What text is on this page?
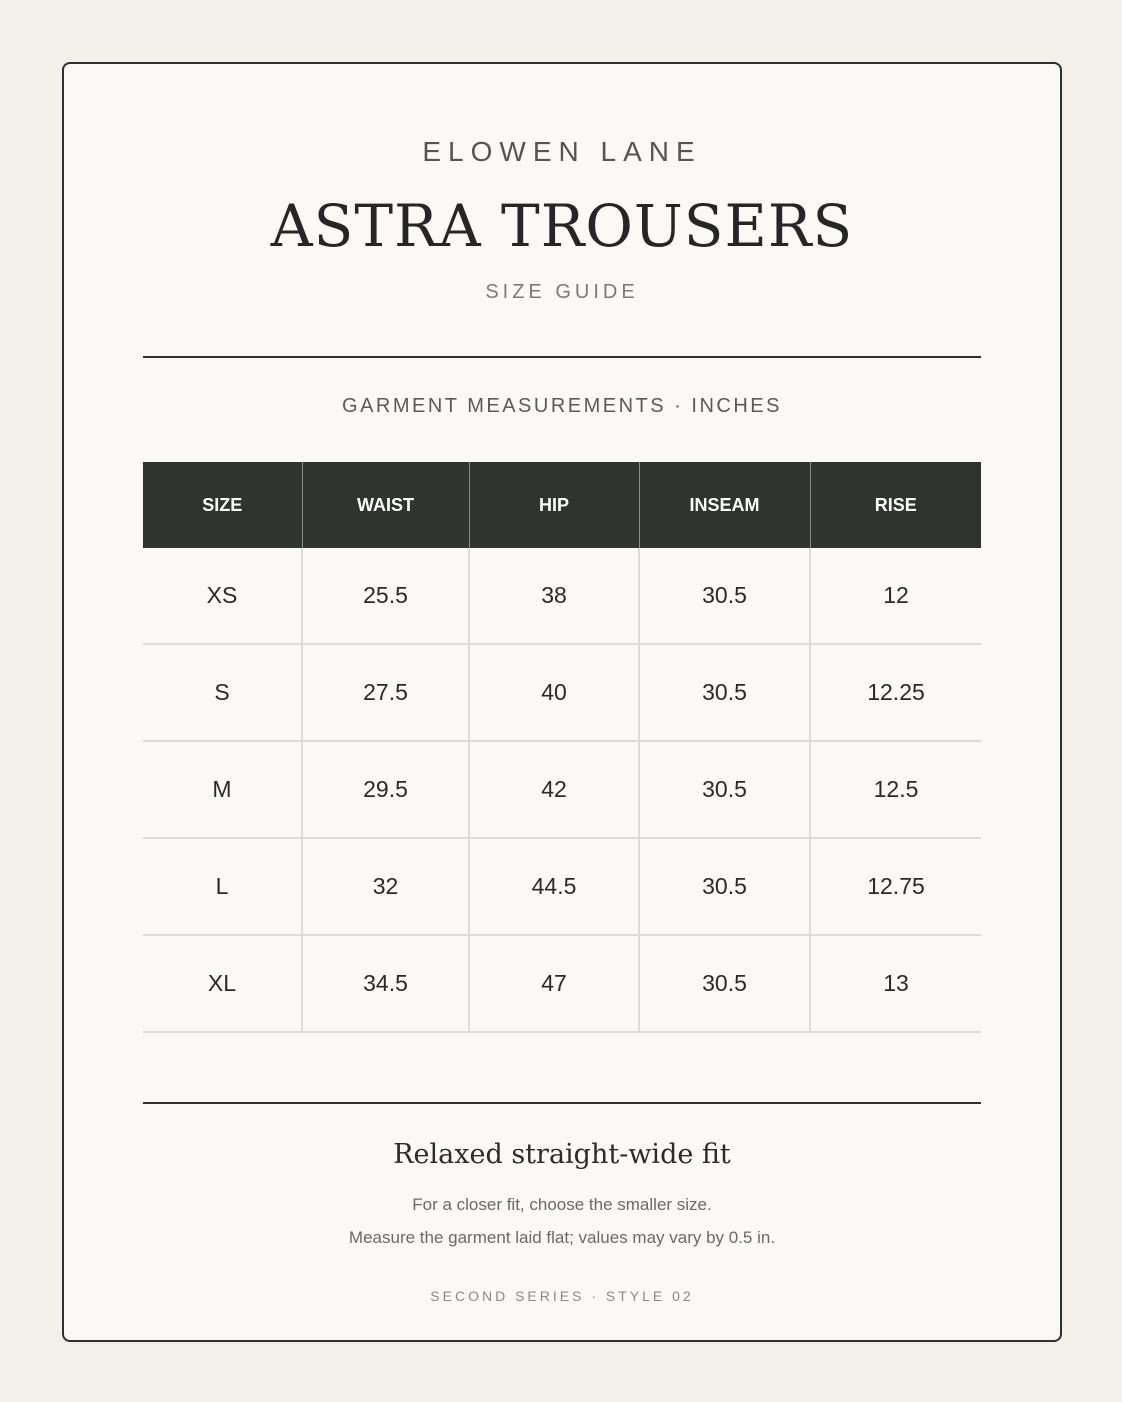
ELOWEN LANE
ASTRA TROUSERS
SIZE GUIDE
GARMENT MEASUREMENTS · INCHES
SIZE	WAIST	HIP	INSEAM	RISE
XS	25.5	38	30.5	12
S	27.5	40	30.5	12.25
M	29.5	42	30.5	12.5
L	32	44.5	30.5	12.75
XL	34.5	47	30.5	13
Relaxed straight-wide fit
For a closer fit, choose the smaller size.
Measure the garment laid flat; values may vary by 0.5 in.
SECOND SERIES · STYLE 02
